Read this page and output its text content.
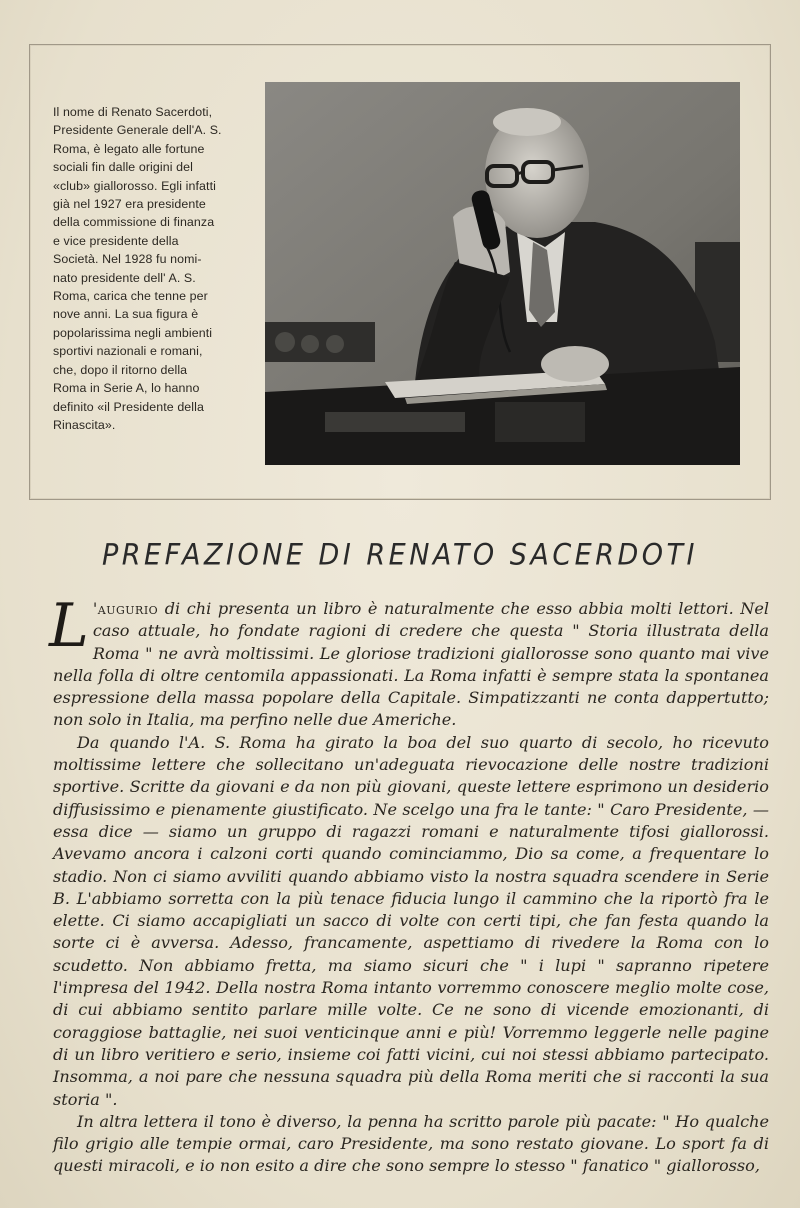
Il nome di Renato Sacerdoti,
Presidente Generale dell'A. S.
Roma, è legato alle fortune
sociali fin dalle origini del
«club» giallorosso. Egli infatti
già nel 1927 era presidente
della commissione di finanza
e vice presidente della
Società. Nel 1928 fu nomi-
nato presidente dell' A. S.
Roma, carica che tenne per
nove anni. La sua figura è
popolarissima negli ambienti
sportivi nazionali e romani,
che, dopo il ritorno della
Roma in Serie A, lo hanno
definito «il Presidente della
Rinascita».
PREFAZIONE DI RENATO SACERDOTI

L 'augurio di chi presenta un libro è naturalmente che esso abbia molti lettori. Nel caso attuale, ho fondate ragioni di credere che questa " Storia illustrata della Roma " ne avrà moltissimi. Le gloriose tradizioni giallorosse sono quanto mai vive nella folla di oltre centomila appassionati. La Roma infatti è sempre stata la spontanea espressione della massa popolare della Capitale. Simpatizzanti ne conta dappertutto; non solo in Italia, ma perfino nelle due Americhe.

Da quando l'A. S. Roma ha girato la boa del suo quarto di secolo, ho ricevuto moltissime lettere che sollecitano un'adeguata rievocazione delle nostre tradizioni sportive. Scritte da giovani e da non più giovani, queste lettere esprimono un desiderio diffusissimo e pienamente giustificato. Ne scelgo una fra le tante: " Caro Presidente, — essa dice — siamo un gruppo di ragazzi romani e naturalmente tifosi giallorossi. Avevamo ancora i calzoni corti quando cominciammo, Dio sa come, a frequentare lo stadio. Non ci siamo avviliti quando abbiamo visto la nostra squadra scendere in Serie B. L'abbiamo sorretta con la più tenace fiducia lungo il cammino che la riportò fra le elette. Ci siamo accapigliati un sacco di volte con certi tipi, che fan festa quando la sorte ci è avversa. Adesso, francamente, aspettiamo di rivedere la Roma con lo scudetto. Non abbiamo fretta, ma siamo sicuri che " i lupi " sapranno ripetere l'impresa del 1942. Della nostra Roma intanto vorremmo conoscere meglio molte cose, di cui abbiamo sentito parlare mille volte. Ce ne sono di vicende emozionanti, di coraggiose battaglie, nei suoi venticinque anni e più! Vorremmo leggerle nelle pagine di un libro veritiero e serio, insieme coi fatti vicini, cui noi stessi abbiamo partecipato. Insomma, a noi pare che nessuna squadra più della Roma meriti che si racconti la sua storia ".

In altra lettera il tono è diverso, la penna ha scritto parole più pacate: " Ho qualche filo grigio alle tempie ormai, caro Presidente, ma sono restato giovane. Lo sport fa di questi miracoli, e io non esito a dire che sono sempre lo stesso " fanatico " giallorosso,
